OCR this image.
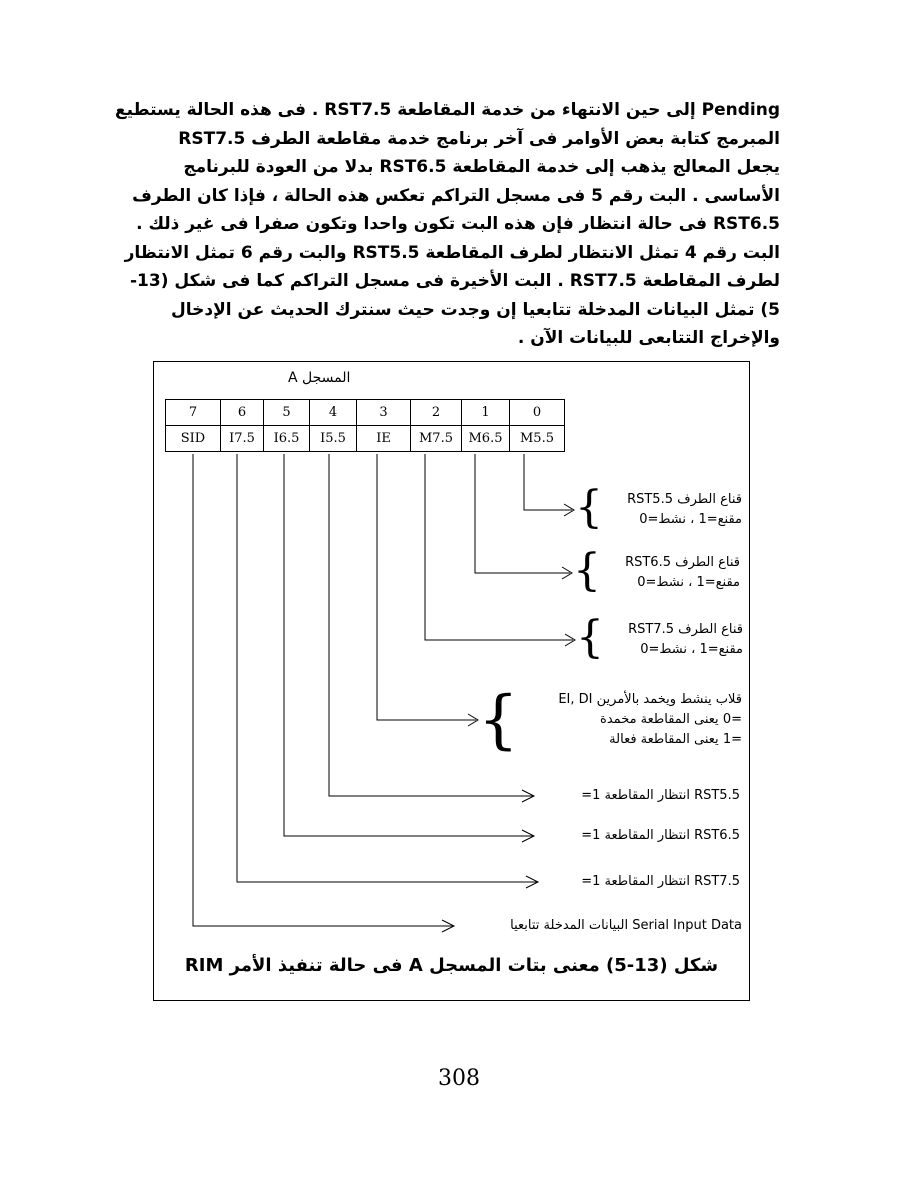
Pending إلى حين الانتهاء من خدمة المقاطعة RST7.5 . فى هذه الحالة يستطيع
المبرمج كتابة بعض الأوامر فى آخر برنامج خدمة مقاطعة الطرف RST7.5
يجعل المعالج يذهب إلى خدمة المقاطعة RST6.5 بدلا من العودة للبرنامج
الأساسى . البت رقم 5 فى مسجل التراكم تعكس هذه الحالة ، فإذا كان الطرف
RST6.5 فى حالة انتظار فإن هذه البت تكون واحدا وتكون صفرا فى غير ذلك .
البت رقم 4 تمثل الانتظار لطرف المقاطعة RST5.5 والبت رقم 6 تمثل الانتظار
لطرف المقاطعة RST7.5 . البت الأخيرة فى مسجل التراكم كما فى شكل (13-
5) تمثل البيانات المدخلة تتابعيا إن وجدت حيث سنترك الحديث عن الإدخال
والإخراج التتابعى للبيانات الآن .
المسجل A
7	6	5	4	3	2	1	0
SID	I7.5	I6.5	I5.5	IE	M7.5	M6.5	M5.5
{
{
{
{
قناع الطرف RST5.5
مقنع=1 ، نشط=0
قناع الطرف RST6.5
مقنع=1 ، نشط=0
قناع الطرف RST7.5
مقنع=1 ، نشط=0
قلاب ينشط ويخمد بالأمرين EI, DI
=0 يعنى المقاطعة مخمدة
=1 يعنى المقاطعة فعالة
=1 انتظار المقاطعة RST5.5
=1 انتظار المقاطعة RST6.5
=1 انتظار المقاطعة RST7.5
البيانات المدخلة تتابعيا Serial Input Data
شكل (13-5) معنى بتات المسجل A فى حالة تنفيذ الأمر RIM
308
